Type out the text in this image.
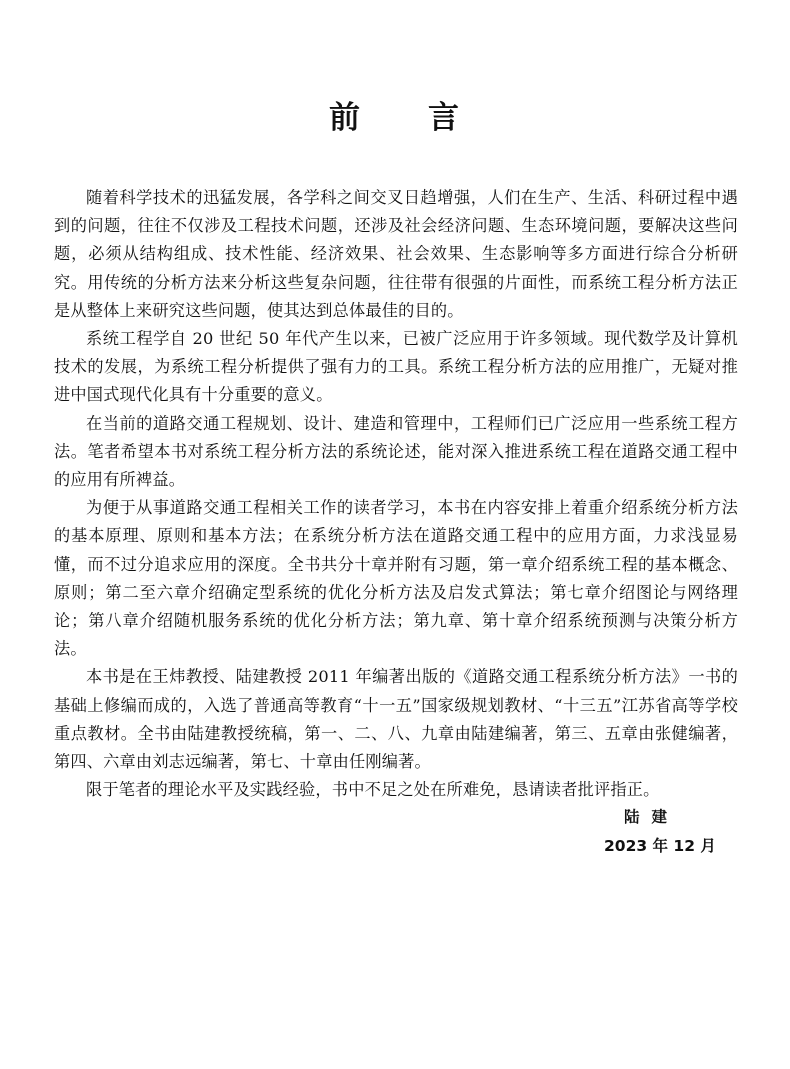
前 言

随着科学技术的迅猛发展，各学科之间交叉日趋增强，人们在生产、生活、科研过程中遇到的问题，往往不仅涉及工程技术问题，还涉及社会经济问题、生态环境问题，要解决这些问题，必须从结构组成、技术性能、经济效果、社会效果、生态影响等多方面进行综合分析研究。用传统的分析方法来分析这些复杂问题，往往带有很强的片面性，而系统工程分析方法正是从整体上来研究这些问题，使其达到总体最佳的目的。

系统工程学自 20 世纪 50 年代产生以来，已被广泛应用于许多领域。现代数学及计算机技术的发展，为系统工程分析提供了强有力的工具。系统工程分析方法的应用推广，无疑对推进中国式现代化具有十分重要的意义。

在当前的道路交通工程规划、设计、建造和管理中，工程师们已广泛应用一些系统工程方法。笔者希望本书对系统工程分析方法的系统论述，能对深入推进系统工程在道路交通工程中的应用有所裨益。

为便于从事道路交通工程相关工作的读者学习，本书在内容安排上着重介绍系统分析方法的基本原理、原则和基本方法；在系统分析方法在道路交通工程中的应用方面，力求浅显易懂，而不过分追求应用的深度。全书共分十章并附有习题，第一章介绍系统工程的基本概念、原则；第二至六章介绍确定型系统的优化分析方法及启发式算法；第七章介绍图论与网络理论；第八章介绍随机服务系统的优化分析方法；第九章、第十章介绍系统预测与决策分析方法。

本书是在王炜教授、陆建教授 2011 年编著出版的《道路交通工程系统分析方法》一书的基础上修编而成的，入选了普通高等教育“十一五”国家级规划教材、“十三五”江苏省高等学校重点教材。全书由陆建教授统稿，第一、二、八、九章由陆建编著，第三、五章由张健编著，第四、六章由刘志远编著，第七、十章由任刚编著。

限于笔者的理论水平及实践经验，书中不足之处在所难免，恳请读者批评指正。

陆 建
2023 年 12 月
